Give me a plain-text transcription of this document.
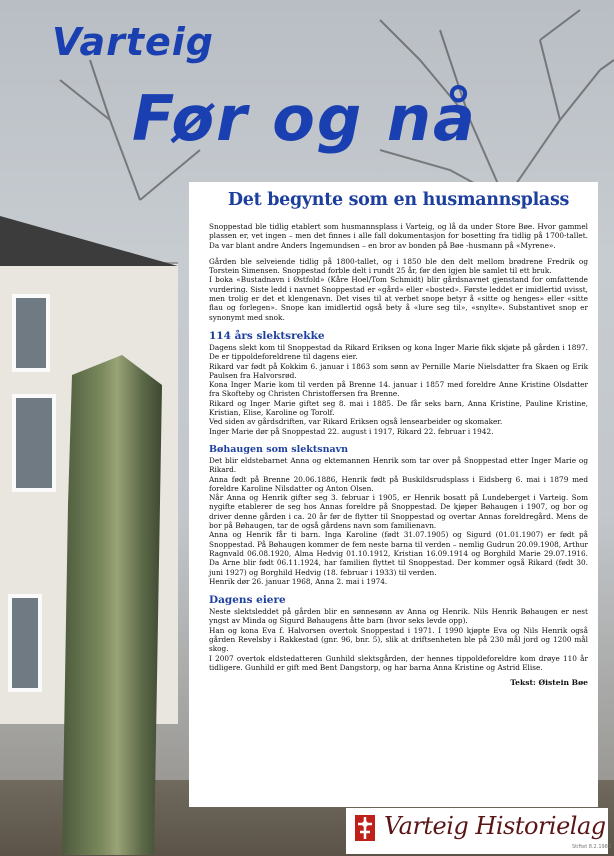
Varteig
Før og nå
Det begynte som en husmannsplass

Snoppestad ble tidlig etablert som husmannsplass i Varteig, og lå da under Store Bøe. Hvor gammel plassen er, vet ingen – men det finnes i alle fall dokumentasjon for bosetting fra tidlig på 1700-tallet. Da var blant andre Anders Ingemundsen – en bror av bonden på Bøe -husmann på «Myrene».

Gården ble selveiende tidlig på 1800-tallet, og i 1850 ble den delt mellom brødrene Fredrik og Torstein Simensen. Snoppestad forble delt i rundt 25 år, før den igjen ble samlet til ett bruk.

I boka «Bustadnavn i Østfold» (Kåre Hoel/Tom Schmidt) blir gårdsnavnet gjenstand for omfattende vurdering. Siste ledd i navnet Snoppestad er «gård» eller «bosted». Første leddet er imidlertid uvisst, men trolig er det et klengenavn. Det vises til at verbet snope betyr å «sitte og henges» eller «sitte flau og forlegen». Snope kan imidlertid også bety å «lure seg til», «snylte». Substantivet snop er synonymt med snok.

114 års slektsrekke

Dagens slekt kom til Snoppestad da Rikard Eriksen og kona Inger Marie fikk skjøte på gården i 1897. De er tippoldeforeldrene til dagens eier.

Rikard var født på Kokkim 6. januar i 1863 som sønn av Pernille Marie Nielsdatter fra Skaen og Erik Paulsen fra Halvorsrød.

Kona Inger Marie kom til verden på Brenne 14. januar i 1857 med foreldre Anne Kristine Olsdatter fra Skofteby og Christen Christoffersen fra Brenne.

Rikard og Inger Marie giftet seg 8. mai i 1885. De får seks barn, Anna Kristine, Pauline Kristine, Kristian, Elise, Karoline og Torolf.

Ved siden av gårdsdriften, var Rikard Eriksen også lensearbeider og skomaker.

Inger Marie dør på Snoppestad 22. august i 1917, Rikard 22. februar i 1942.

Bøhaugen som slektsnavn

Det blir eldstebarnet Anna og ektemannen Henrik som tar over på Snoppestad etter Inger Marie og Rikard.

Anna født på Brenne 20.06.1886, Henrik født på Buskildsrudsplass i Eidsberg 6. mai i 1879 med foreldre Karoline Nilsdatter og Anton Olsen.

Når Anna og Henrik gifter seg 3. februar i 1905, er Henrik bosatt på Lundeberget i Varteig. Som nygifte etablerer de seg hos Annas foreldre på Snoppestad. De kjøper Bøhaugen i 1907, og bor og driver denne gården i ca. 20 år før de flytter til Snoppestad og overtar Annas foreldregård. Mens de bor på Bøhaugen, tar de også gårdens navn som familienavn.

Anna og Henrik får ti barn. Inga Karoline (født 31.07.1905) og Sigurd (01.01.1907) er født på Snoppestad. På Bøhaugen kommer de fem neste barna til verden – nemlig Gudrun 20.09.1908, Arthur Ragnvald 06.08.1920, Alma Hedvig 01.10.1912, Kristian 16.09.1914 og Borghild Marie 29.07.1916. Da Arne blir født 06.11.1924, har familien flyttet til Snoppestad. Der kommer også Rikard (født 30. juni 1927) og Borghild Hedvig (18. februar i 1933) til verden.

Henrik dør 26. januar 1968, Anna 2. mai i 1974.

Dagens eiere

Neste slektsleddet på gården blir en sønnesønn av Anna og Henrik. Nils Henrik Bøhaugen er nest yngst av Minda og Sigurd Bøhaugens åtte barn (hvor seks levde opp).

Han og kona Eva f. Halvorsen overtok Snoppestad i 1971. I 1990 kjøpte Eva og Nils Henrik også gården Revelsby i Rakkestad (gnr. 96, bnr. 5), slik at driftsenheten ble på 230 mål jord og 1200 mål skog.

I 2007 overtok eldstedatteren Gunhild slektsgården, der hennes tippoldeforeldre kom drøye 110 år tidligere. Gunhild er gift med Bent Dangstorp, og har barna Anna Kristine og Astrid Elise.

Tekst: Øistein Bøe
Varteig Historielag
Stiftet 8.2.1983
